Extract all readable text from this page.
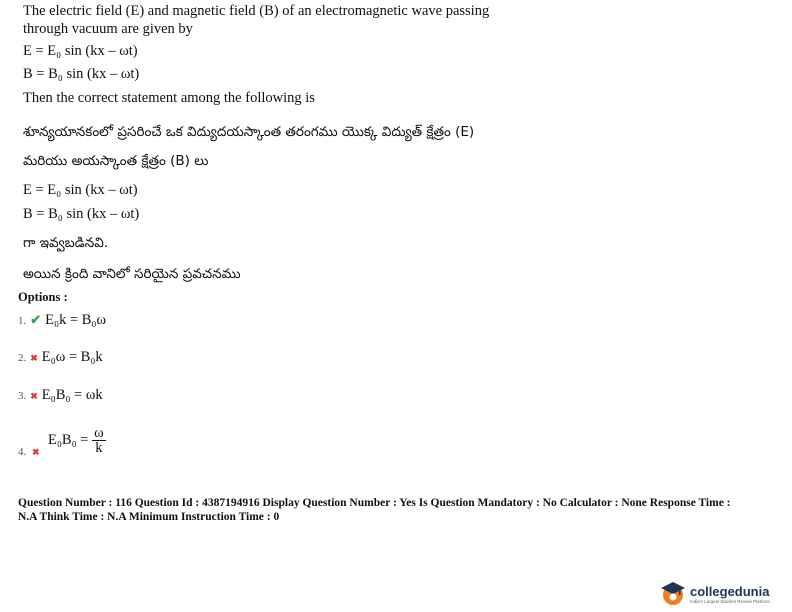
The electric field (E) and magnetic field (B) of an electromagnetic wave passing
through vacuum are given by
E = E₀ sin (kx – ωt)
B = B₀ sin (kx – ωt)
Then the correct statement among the following is
శూన్యయానకంలో ప్రసరించే ఒక విద్యుదయస్కాంత తరంగము యొక్క విద్యుత్ క్షేత్రం (E)
మరియు అయస్కాంత క్షేత్రం (B) లు
E = E₀ sin (kx – ωt)
B = B₀ sin (kx – ωt)
గా ఇవ్వబడినవి.
అయిన క్రింది వానిలో సరియైన ప్రవచనము
Options :
1. ✔ E₀k = B₀ω
2. ✖ E₀ω = B₀k
3. ✖ E₀B₀ = ωk
4. ✖
$E_0B_0 = \frac{\omega}{k}$
Question Number : 116 Question Id : 4387194916 Display Question Number : Yes Is Question Mandatory : No Calculator : None Response Time :
N.A Think Time : N.A Minimum Instruction Time : 0
collegedunia
India's Largest Student Review Platform
